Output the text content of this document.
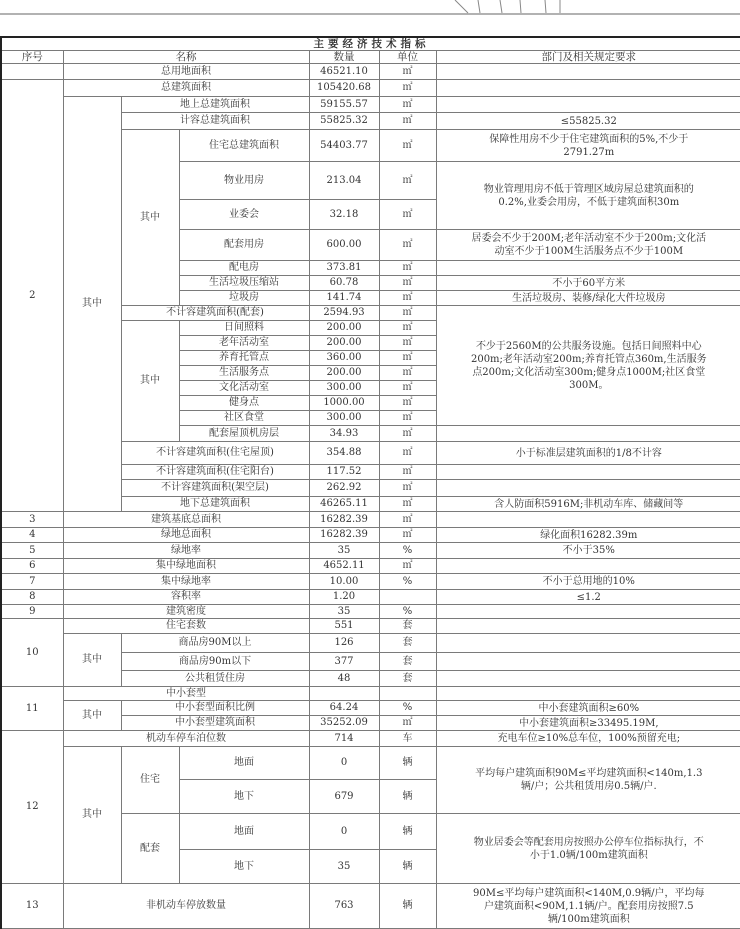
主要经济技术指标						
序号	名称			数量	单位	部门及相关规定要求
	总用地面积			46521.10	㎡	
2	总建筑面积			105420.68	㎡	
	其中	地上总建筑面积		59155.57	㎡	
		计容总建筑面积		55825.32	㎡	≤55825.32
		其中	住宅总建筑面积	54403.77	㎡	保障性用房不少于住宅建筑面积的5%,不少于2791.27m
			物业用房	213.04	㎡	物业管理用房不低于管理区域房屋总建筑面积的0.2%,业委会用房，不低于建筑面积30m
			业委会	32.18	㎡	
			配套用房	600.00	㎡	居委会不少于200M;老年活动室不少于200m;文化活动室不少于100M生活服务点不少于100M
			配电房	373.81	㎡	
			生活垃圾压缩站	60.78	㎡	不小于60平方米
			垃圾房	141.74	㎡	生活垃圾房、装修/绿化大件垃圾房
		不计容建筑面积(配套)		2594.93	㎡	不少于2560M的公共服务设施。包括日间照料中心200m;老年活动室200m;养育托管点360m,生活服务点200m;文化活动室300m;健身点1000M;社区食堂300M。
		其中	日间照料	200.00	㎡	
			老年活动室	200.00	㎡	
			养育托管点	360.00	㎡	
			生活服务点	200.00	㎡	
			文化活动室	300.00	㎡	
			健身点	1000.00	㎡	
			社区食堂	300.00	㎡	
			配套屋顶机房层	34.93	㎡	
		不计容建筑面积(住宅屋顶)		354.88	㎡	小于标准层建筑面积的1/8不计容
		不计容建筑面积(住宅阳台)		117.52	㎡	
		不计容建筑面积(架空层)		262.92	㎡	
		地下总建筑面积		46265.11	㎡	含人防面积5916M;非机动车库、储藏间等
3	建筑基底总面积			16282.39	㎡	
4	绿地总面积			16282.39	㎡	绿化面积16282.39m
5	绿地率			35	%	不小于35%
6	集中绿地面积			4652.11	㎡	
7	集中绿地率			10.00	%	不小于总用地的10%
8	容积率			1.20		≤1.2
9	建筑密度			35	%	
10	住宅套数			551	套	
	其中	商品房90M以上		126	套	
		商品房90m以下		377	套	
		公共租赁住房		48	套	
11	中小套型					
	其中	中小套型面积比例		64.24	%	中小套建筑面积≥60%
		中小套型建筑面积		35252.09	㎡	中小套建筑面积≥33495.19M,
12	机动车停车泊位数			714	车	充电车位≥10%总车位，100%预留充电;
	其中	住宅	地面	0	辆	平均每户建筑面积90M≤平均建筑面积<140m,1.3辆/户；公共租赁用房0.5辆/户.
			地下	679	辆	
		配套	地面	0	辆	物业居委会等配套用房按照办公停车位指标执行，不小于1.0辆/100m建筑面积
			地下	35	辆	
13	非机动车停放数量			763	辆	90M≤平均每户建筑面积<140M,0.9辆/户，平均每户建筑面积<90M,1.1辆/户。配套用房按照7.5辆/100m建筑面积
